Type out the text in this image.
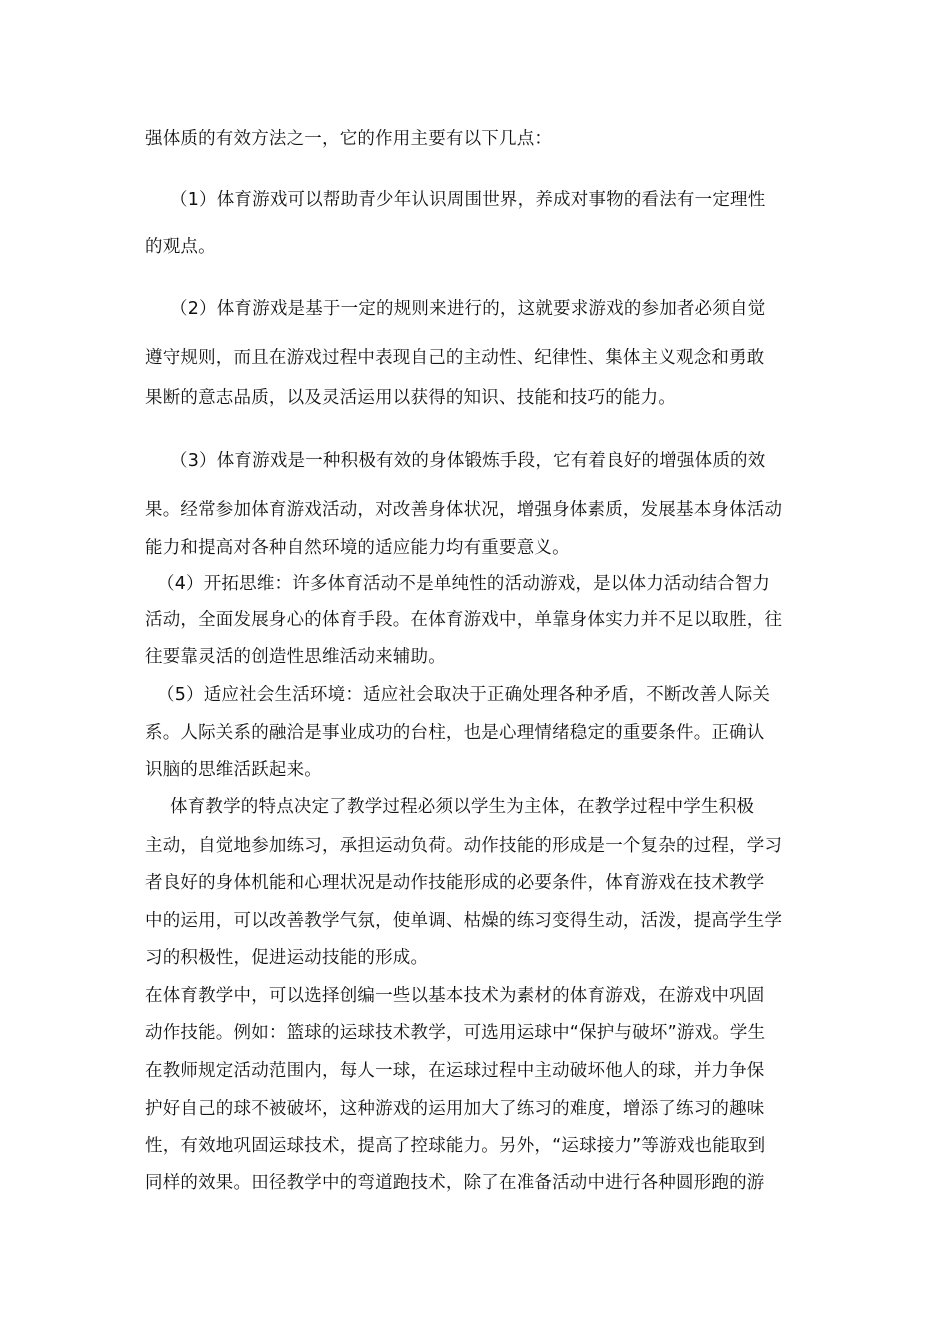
强体质的有效方法之一，它的作用主要有以下几点：
（1）体育游戏可以帮助青少年认识周围世界，养成对事物的看法有一定理性
的观点。
（2）体育游戏是基于一定的规则来进行的，这就要求游戏的参加者必须自觉
遵守规则，而且在游戏过程中表现自己的主动性、纪律性、集体主义观念和勇敢
果断的意志品质，以及灵活运用以获得的知识、技能和技巧的能力。
（3）体育游戏是一种积极有效的身体锻炼手段，它有着良好的增强体质的效
果。经常参加体育游戏活动，对改善身体状况，增强身体素质，发展基本身体活动
能力和提高对各种自然环境的适应能力均有重要意义。
（4）开拓思维：许多体育活动不是单纯性的活动游戏，是以体力活动结合智力
活动，全面发展身心的体育手段。在体育游戏中，单靠身体实力并不足以取胜，往
往要靠灵活的创造性思维活动来辅助。
（5）适应社会生活环境：适应社会取决于正确处理各种矛盾，不断改善人际关
系。人际关系的融洽是事业成功的台柱，也是心理情绪稳定的重要条件。正确认
识脑的思维活跃起来。
体育教学的特点决定了教学过程必须以学生为主体，在教学过程中学生积极
主动，自觉地参加练习，承担运动负荷。动作技能的形成是一个复杂的过程，学习
者良好的身体机能和心理状况是动作技能形成的必要条件，体育游戏在技术教学
中的运用，可以改善教学气氛，使单调、枯燥的练习变得生动，活泼，提高学生学
习的积极性，促进运动技能的形成。
在体育教学中，可以选择创编一些以基本技术为素材的体育游戏，在游戏中巩固
动作技能。例如：篮球的运球技术教学，可选用运球中“保护与破坏”游戏。学生
在教师规定活动范围内，每人一球，在运球过程中主动破坏他人的球，并力争保
护好自己的球不被破坏，这种游戏的运用加大了练习的难度，增添了练习的趣味
性，有效地巩固运球技术，提高了控球能力。另外，“运球接力”等游戏也能取到
同样的效果。田径教学中的弯道跑技术，除了在准备活动中进行各种圆形跑的游
